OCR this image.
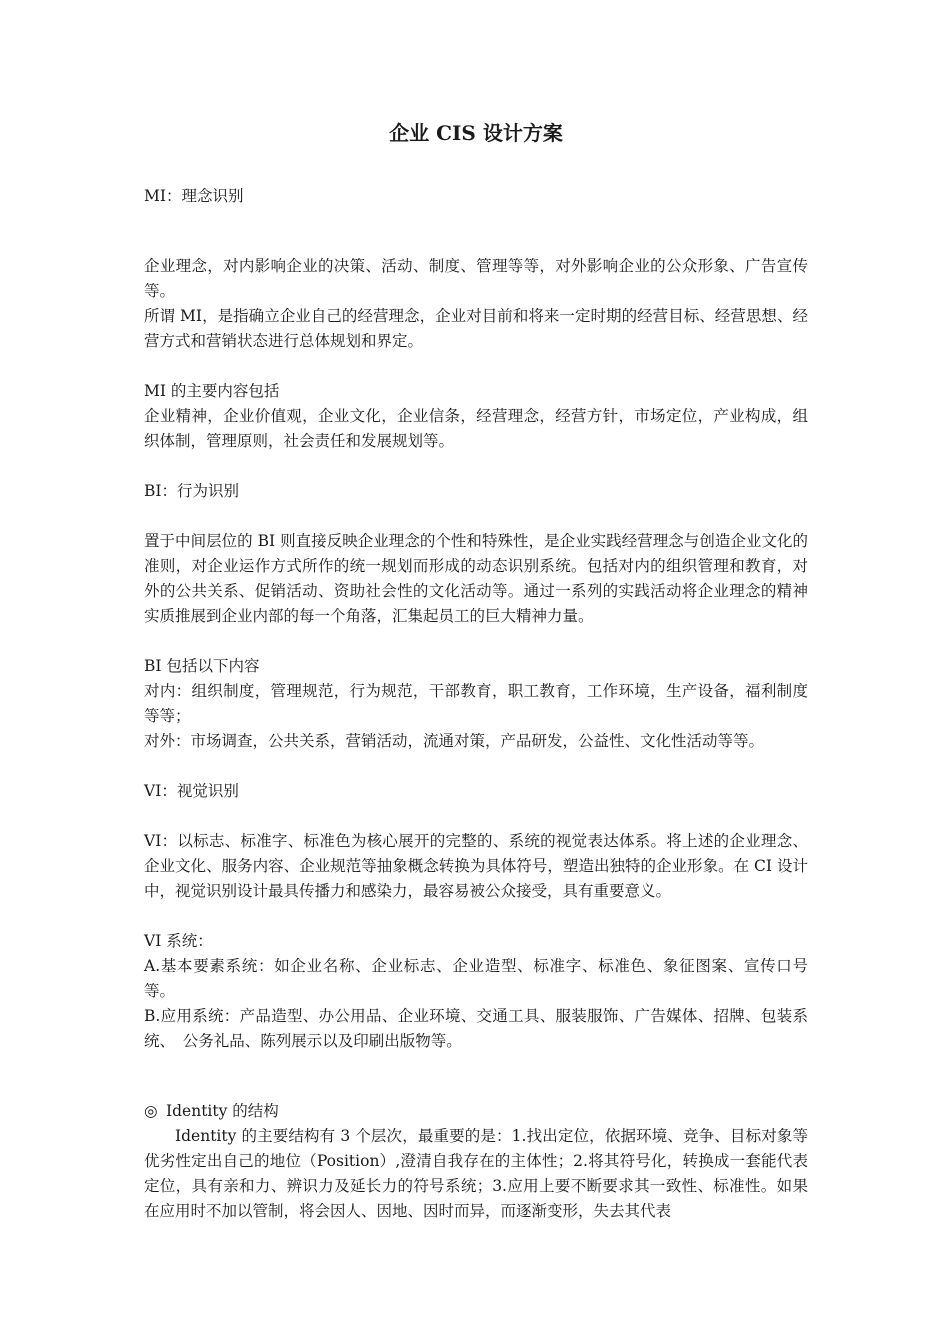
企业 CIS 设计方案

MI：理念识别

企业理念，对内影响企业的决策、活动、制度、管理等等，对外影响企业的公众形象、广告宣传等。

所谓 MI，是指确立企业自己的经营理念，企业对目前和将来一定时期的经营目标、经营思想、经营方式和营销状态进行总体规划和界定。

MI 的主要内容包括

企业精神，企业价值观，企业文化，企业信条，经营理念，经营方针，市场定位，产业构成，组织体制，管理原则，社会责任和发展规划等。

BI：行为识别

置于中间层位的 BI 则直接反映企业理念的个性和特殊性，是企业实践经营理念与创造企业文化的准则，对企业运作方式所作的统一规划而形成的动态识别系统。包括对内的组织管理和教育，对外的公共关系、促销活动、资助社会性的文化活动等。通过一系列的实践活动将企业理念的精神实质推展到企业内部的每一个角落，汇集起员工的巨大精神力量。

BI 包括以下内容

对内：组织制度，管理规范，行为规范，干部教育，职工教育，工作环境，生产设备，福利制度等等；

对外：市场调查，公共关系，营销活动，流通对策，产品研发，公益性、文化性活动等等。

VI：视觉识别

VI：以标志、标准字、标准色为核心展开的完整的、系统的视觉表达体系。将上述的企业理念、企业文化、服务内容、企业规范等抽象概念转换为具体符号，塑造出独特的企业形象。在 CI 设计中，视觉识别设计最具传播力和感染力，最容易被公众接受，具有重要意义。

VI 系统：

A.基本要素系统：如企业名称、企业标志、企业造型、标准字、标准色、象征图案、宣传口号等。

B.应用系统：产品造型、办公用品、企业环境、交通工具、服装服饰、广告媒体、招牌、包装系统、　公务礼品、陈列展示以及印刷出版物等。

◎ Identity 的结构

Identity 的主要结构有 3 个层次，最重要的是：1.找出定位，依据环境、竞争、目标对象等优劣性定出自己的地位（Position）,澄清自我存在的主体性；2.将其符号化，转换成一套能代表定位，具有亲和力、辨识力及延长力的符号系统；3.应用上要不断要求其一致性、标准性。如果在应用时不加以管制，将会因人、因地、因时而异，而逐渐变形，失去其代表
